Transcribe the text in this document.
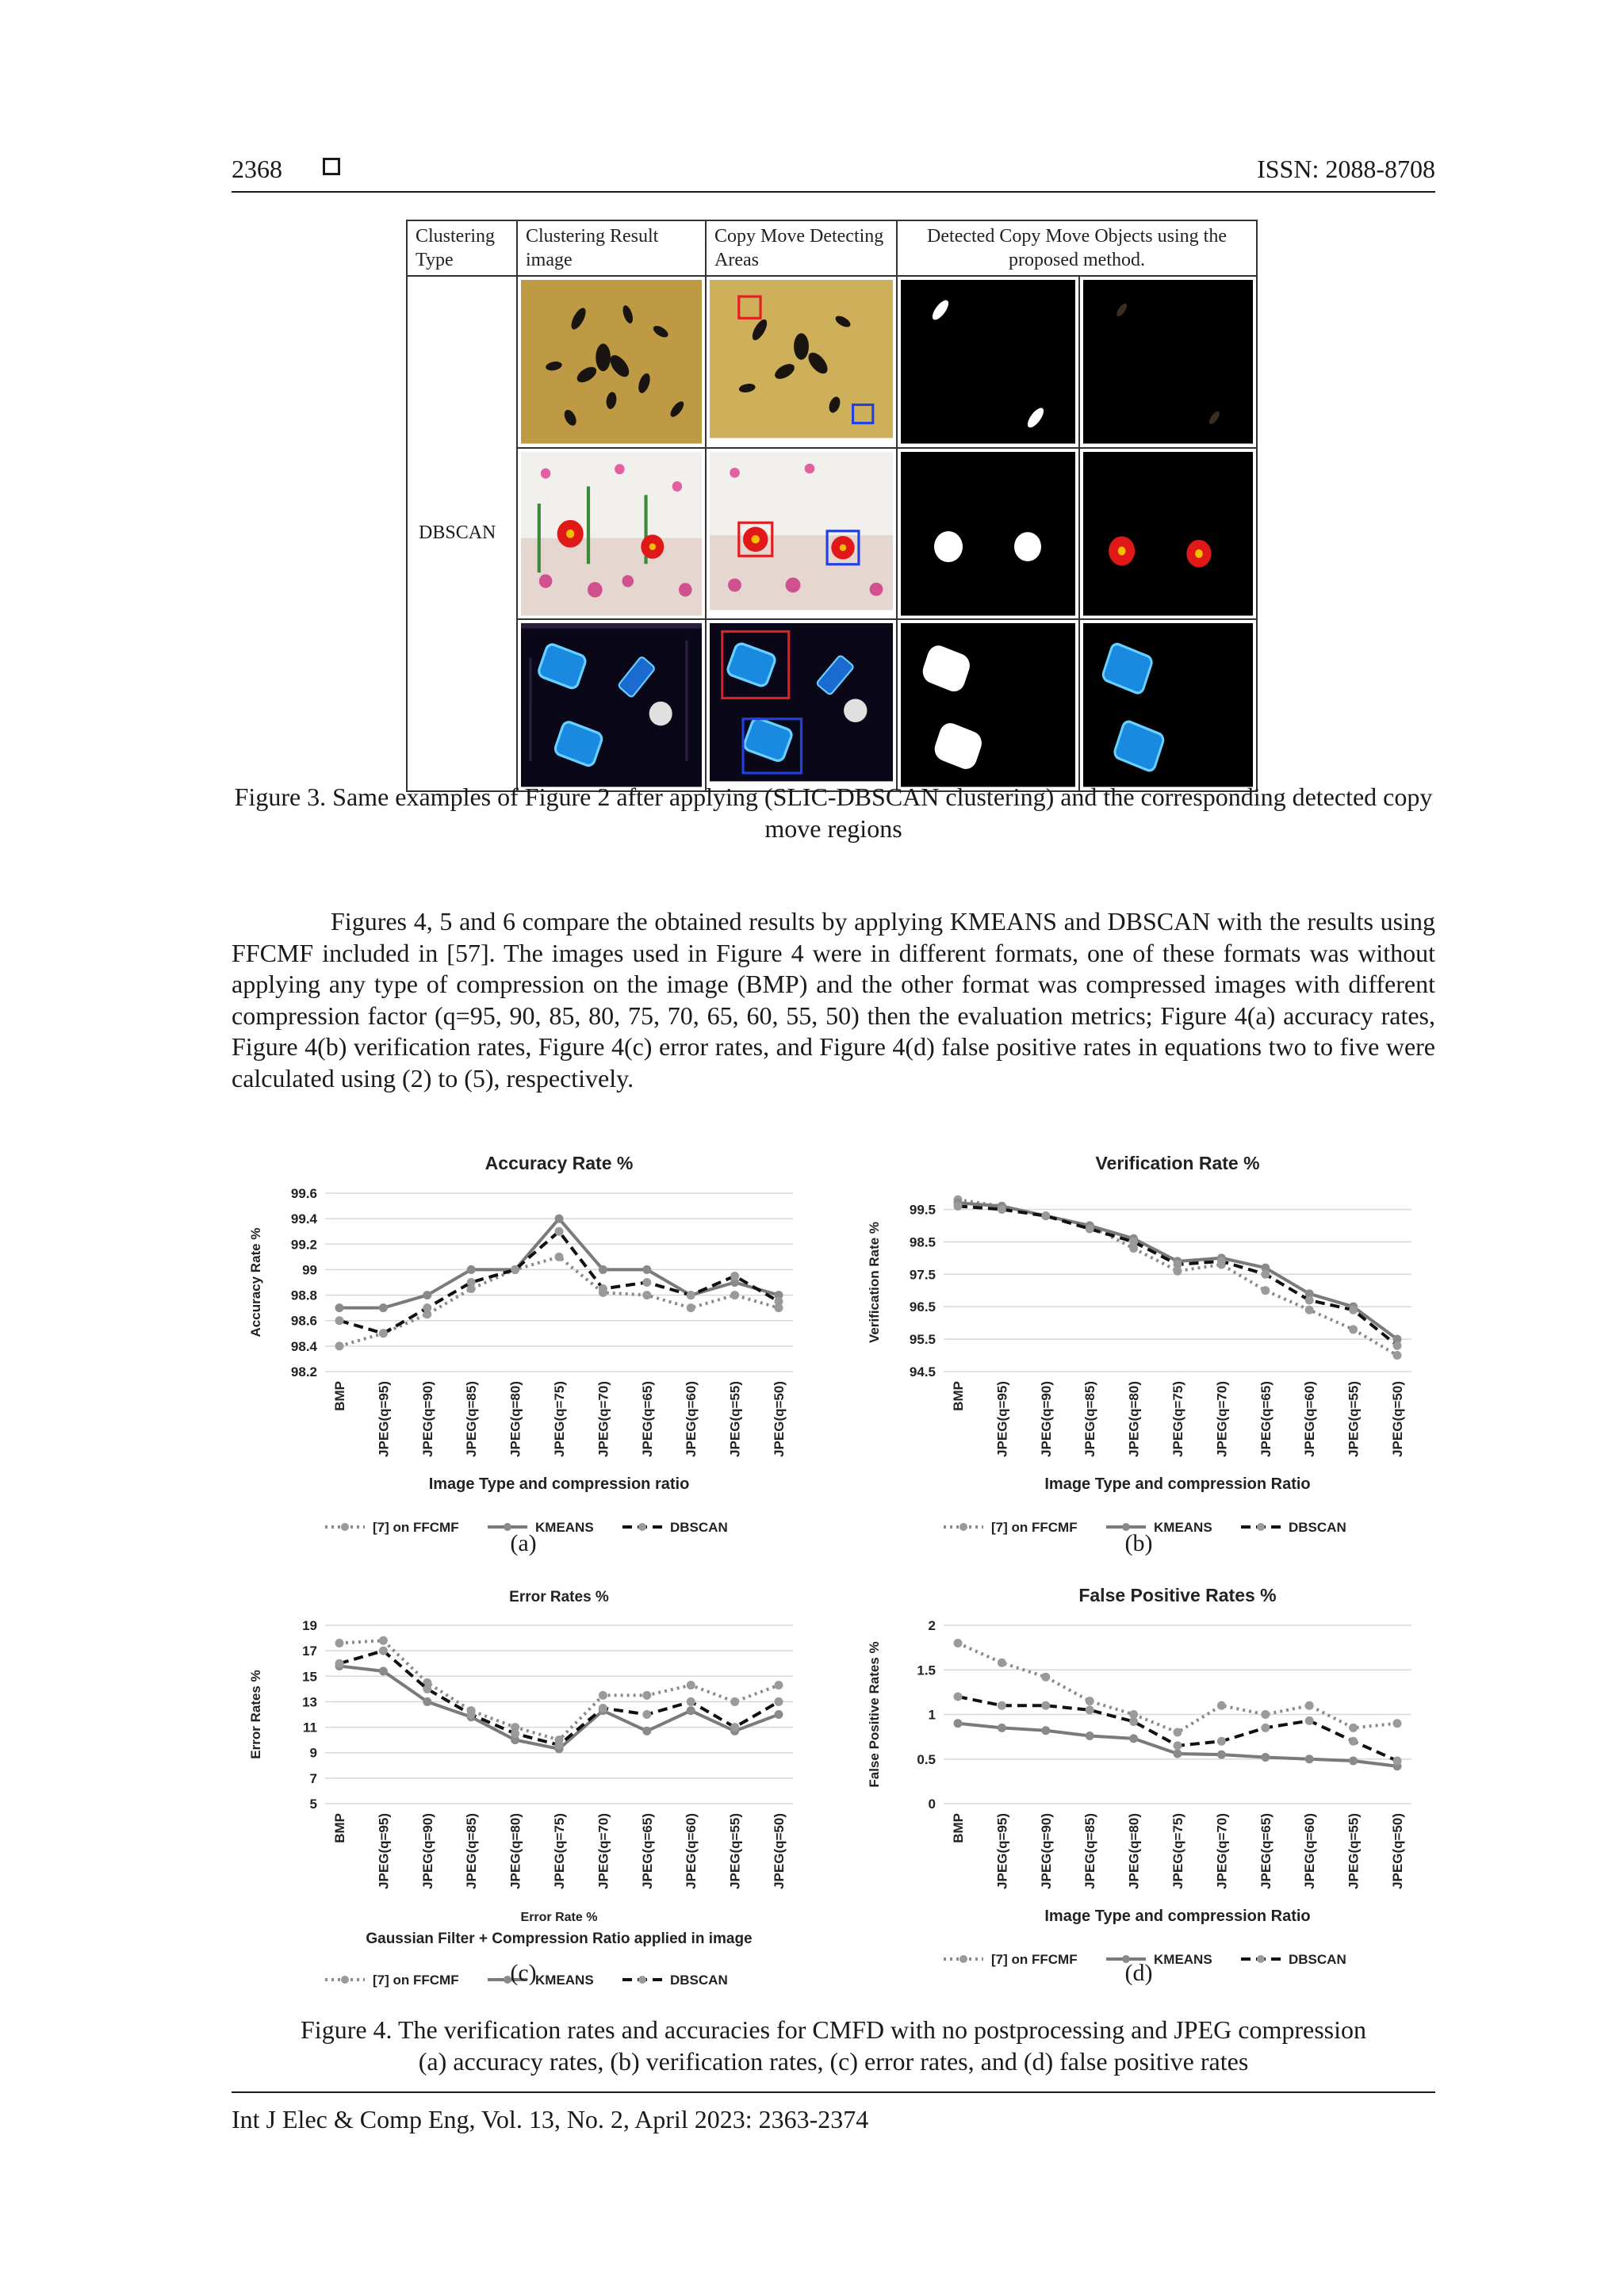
2368	ISSN: 2088-8708
Clustering Type	Clustering Result image	Copy Move Detecting Areas	Detected Copy Move Objects using the proposed method.	
DBSCAN	

Figure 3. Same examples of Figure 2 after applying (SLIC-DBSCAN clustering) and the corresponding detected copy move regions

Figures 4, 5 and 6 compare the obtained results by applying KMEANS and DBSCAN with the results using FFCMF included in [57]. The images used in Figure 4 were in different formats, one of these formats was without applying any type of compression on the image (BMP) and the other format was compressed images with different compression factor (q=95, 90, 85, 80, 75, 70, 65, 60, 55, 50) then the evaluation metrics; Figure 4(a) accuracy rates, Figure 4(b) verification rates, Figure 4(c) error rates, and Figure 4(d) false positive rates in equations two to five were calculated using (2) to (5), respectively.

Accuracy Rate %
98.2
98.4
98.6
98.8
99
99.2
99.4
99.6
Accuracy Rate %
BMP JPEG(q=95) JPEG(q=90) JPEG(q=85) JPEG(q=80) JPEG(q=75) JPEG(q=70) JPEG(q=65) JPEG(q=60) JPEG(q=55) JPEG(q=50)
Image Type and compression ratio
[7] on FFCMF	KMEANS	DBSCAN
Verification Rate %
94.5
95.5
96.5
97.5
98.5
99.5
Verification Rate %
BMP JPEG(q=95) JPEG(q=90) JPEG(q=85) JPEG(q=80) JPEG(q=75) JPEG(q=70) JPEG(q=65) JPEG(q=60) JPEG(q=55) JPEG(q=50)
Image Type and compression Ratio
[7] on FFCMF	KMEANS	DBSCAN
Error Rates %
5
7
9
11
13
15
17
19
Error Rates %
BMP JPEG(q=95) JPEG(q=90) JPEG(q=85) JPEG(q=80) JPEG(q=75) JPEG(q=70) JPEG(q=65) JPEG(q=60) JPEG(q=55) JPEG(q=50)
Error Rate %
Gaussian Filter + Compression Ratio applied in image
[7] on FFCMF	KMEANS	DBSCAN
False Positive Rates %
0
0.5
1
1.5
2
False Positive Rates %
BMP JPEG(q=95) JPEG(q=90) JPEG(q=85) JPEG(q=80) JPEG(q=75) JPEG(q=70) JPEG(q=65) JPEG(q=60) JPEG(q=55) JPEG(q=50)
Image Type and compression Ratio
[7] on FFCMF	KMEANS	DBSCAN
(a)	(b)
(c)	(d)
Figure 4. The verification rates and accuracies for CMFD with no postprocessing and JPEG compression
(a) accuracy rates, (b) verification rates, (c) error rates, and (d) false positive rates
Int J Elec & Comp Eng, Vol. 13, No. 2, April 2023: 2363-2374
